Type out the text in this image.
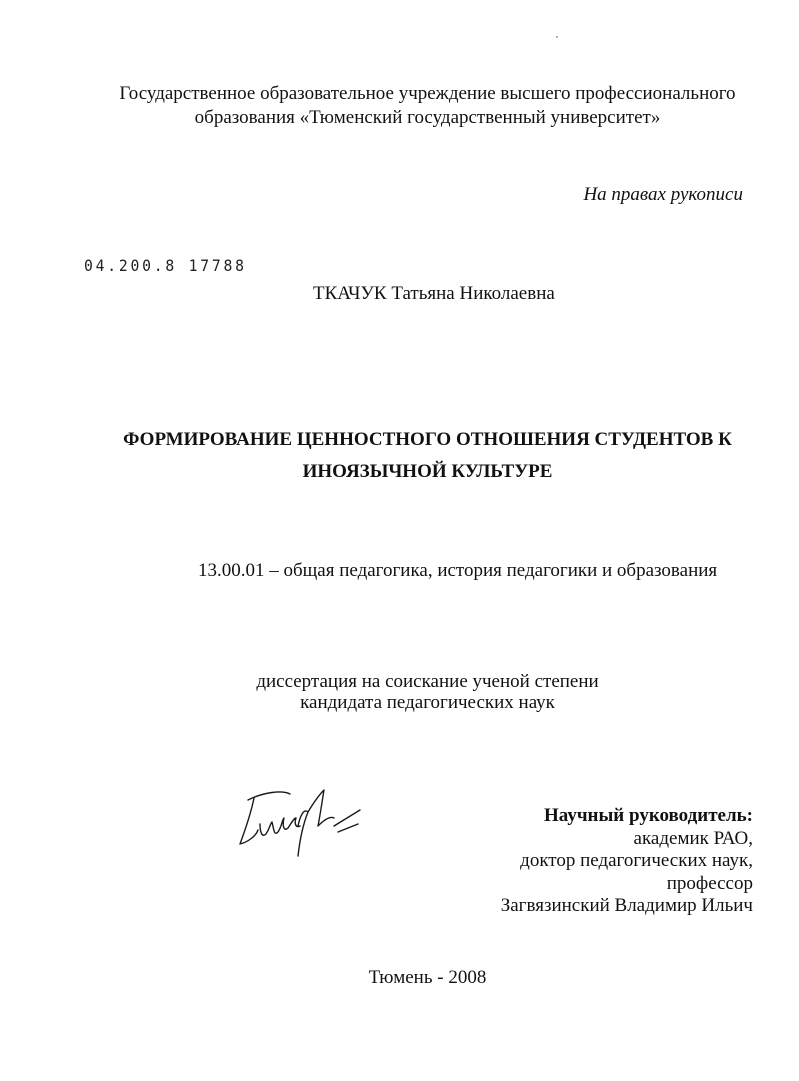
Государственное образовательное учреждение высшего профессионального
образования «Тюменский государственный университет»
На правах рукописи
04.200.8 17788
ТКАЧУК Татьяна Николаевна
ФОРМИРОВАНИЕ ЦЕННОСТНОГО ОТНОШЕНИЯ СТУДЕНТОВ К
ИНОЯЗЫЧНОЙ КУЛЬТУРЕ
13.00.01 – общая педагогика, история педагогики и образования
диссертация на соискание ученой степени
кандидата педагогических наук
Научный руководитель:
академик РАО,
доктор педагогических наук,
профессор
Загвязинский Владимир Ильич
Тюмень - 2008
